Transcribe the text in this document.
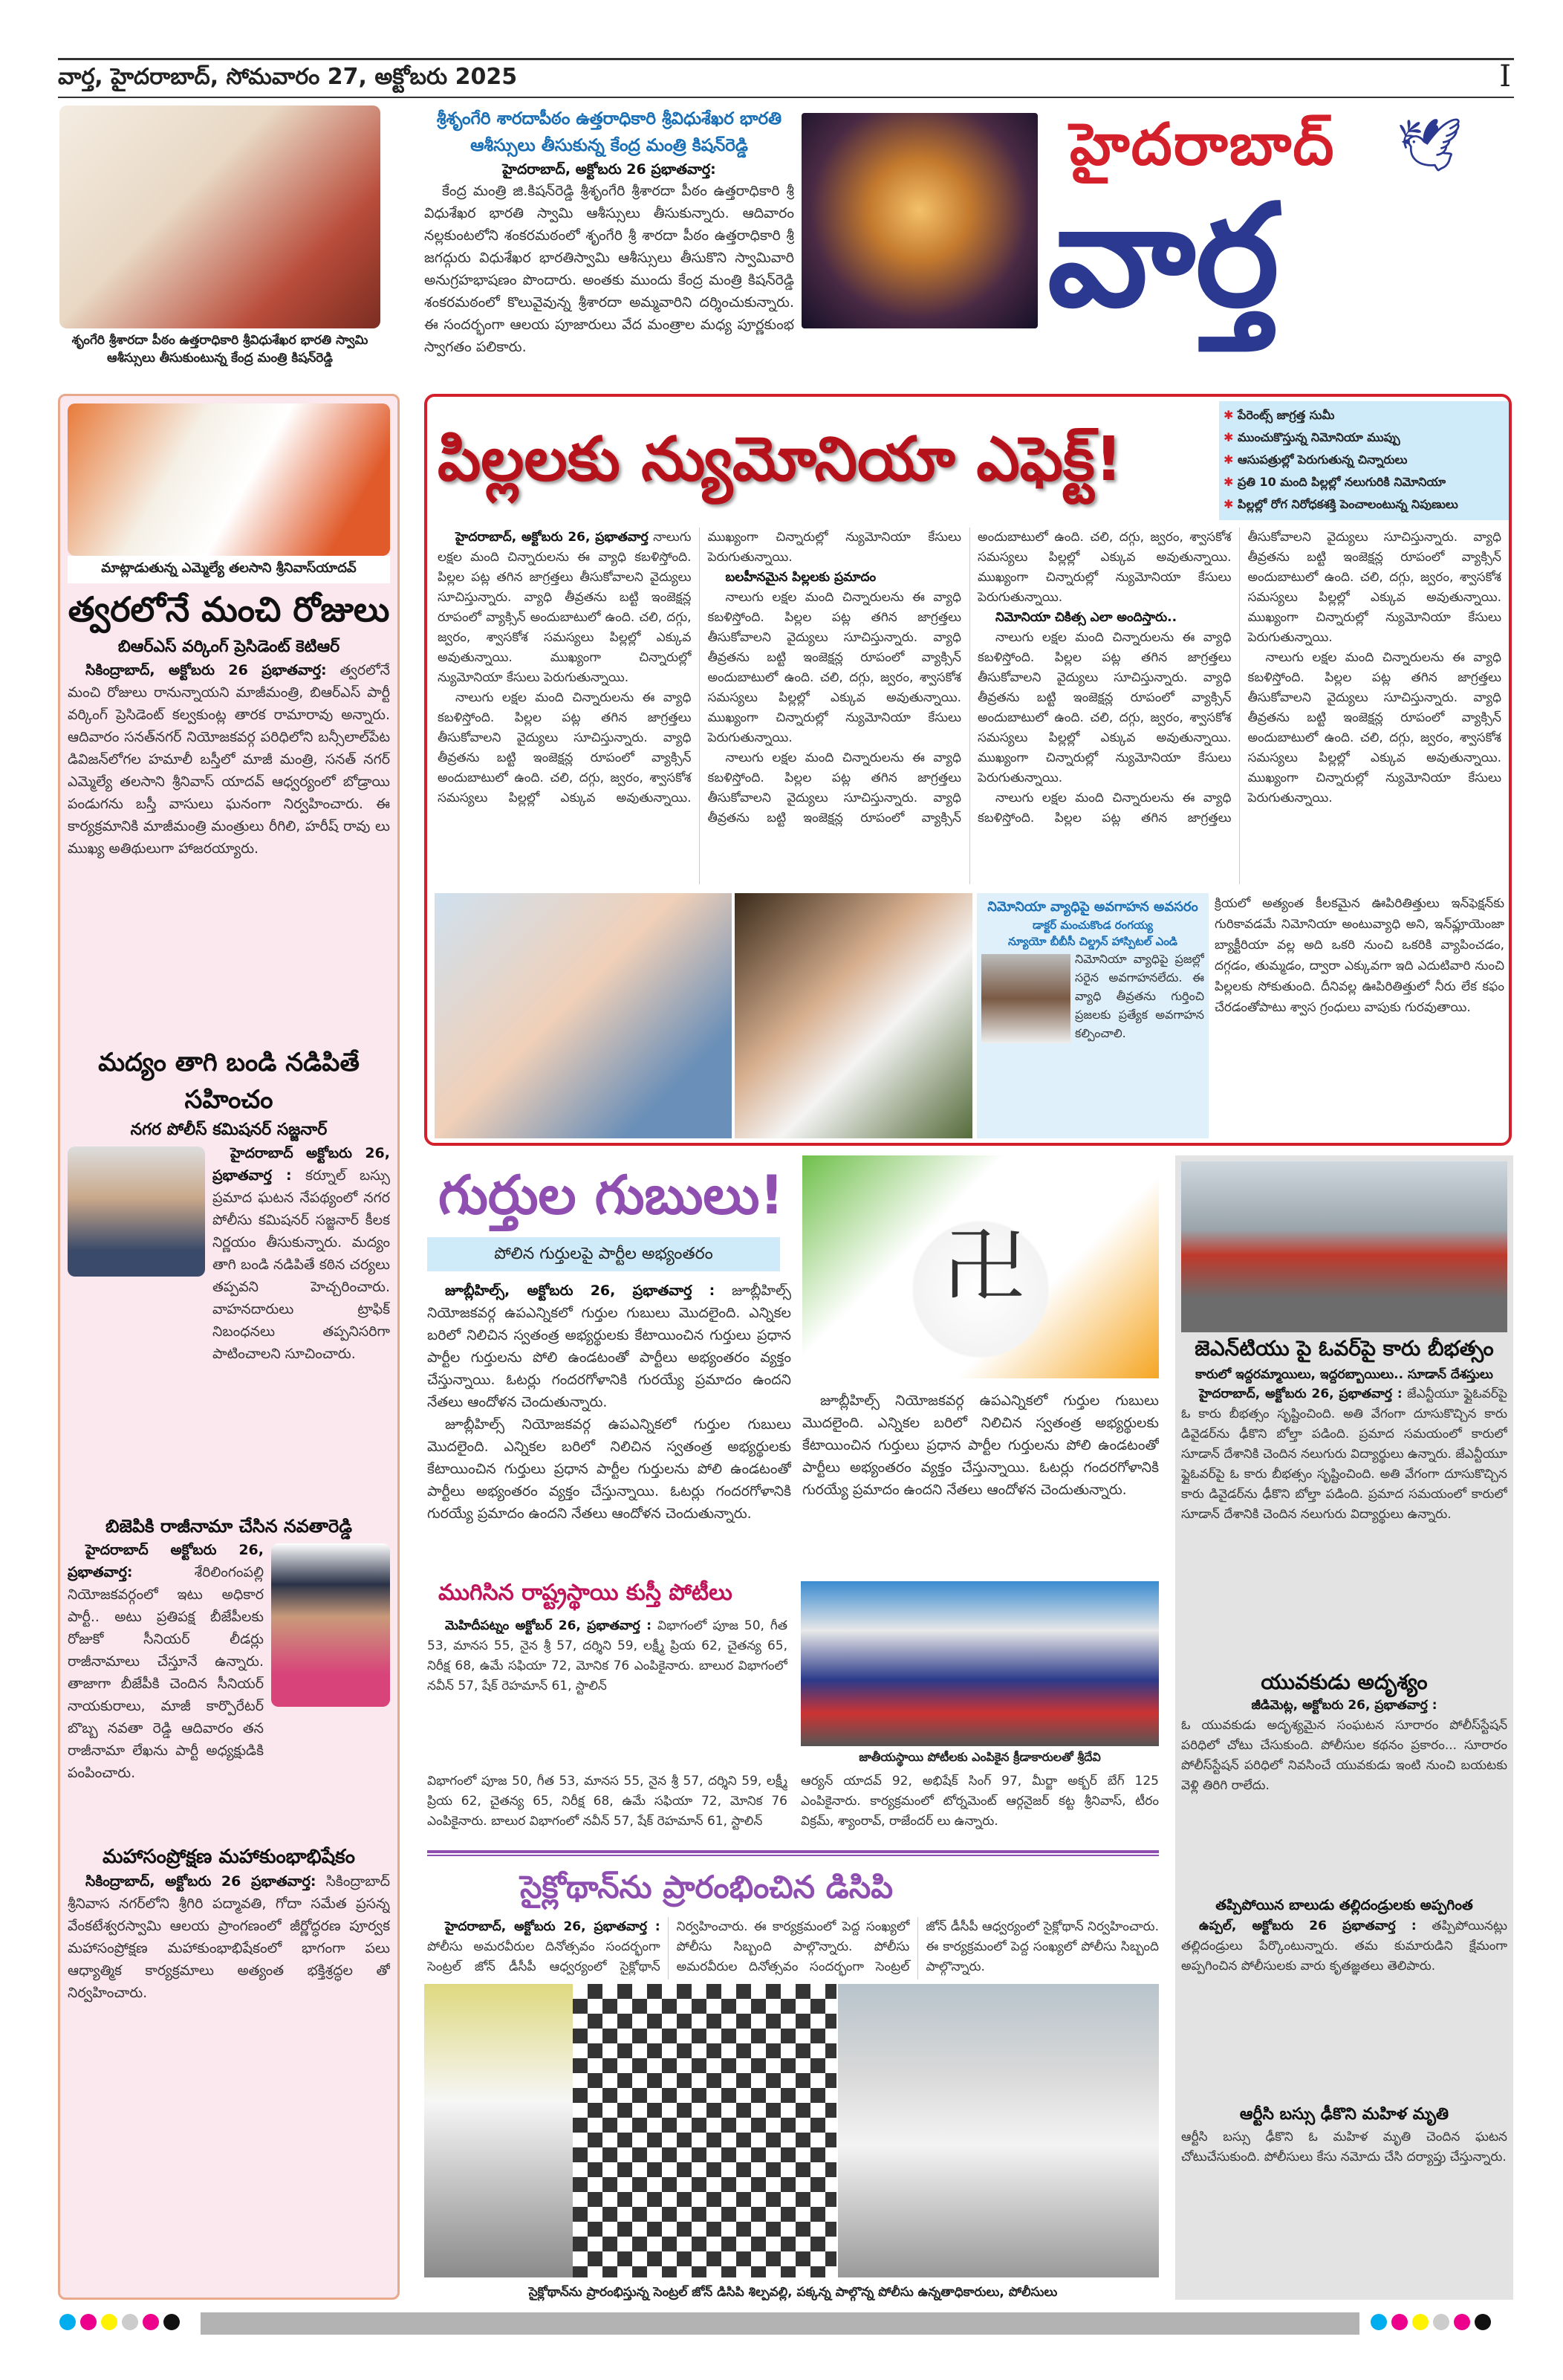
వార్త, హైదరాబాద్, సోమవారం 27, అక్టోబరు 2025	I
శృంగేరి శ్రీశారదా పీఠం ఉత్తరాధికారి శ్రీవిధుశేఖర భారతి స్వామి ఆశీస్సులు తీసుకుంటున్న కేంద్ర మంత్రి కిషన్‌రెడ్డి
శ్రీశృంగేరి శారదాపీఠం ఉత్తరాధికారి శ్రీవిధుశేఖర భారతి
ఆశీస్సులు తీసుకున్న కేంద్ర మంత్రి కిషన్‌రెడ్డి
హైదరాబాద్, అక్టోబరు 26 ప్రభాతవార్త:

కేంద్ర మంత్రి జి.కిషన్‌రెడ్డి శ్రీశృంగేరి శ్రీశారదా పీఠం ఉత్తరాధికారి శ్రీ విధుశేఖర భారతి స్వామి ఆశీస్సులు తీసుకున్నారు. ఆదివారం నల్లకుంటలోని శంకరమఠంలో శృంగేరి శ్రీ శారదా పీఠం ఉత్తరాధికారి శ్రీ జగద్గురు విధుశేఖర భారతిస్వామి ఆశీస్సులు తీసుకొని స్వామివారి అనుగ్రహభాషణం పొందారు. అంతకు ముందు కేంద్ర మంత్రి కిషన్‌రెడ్డి శంకరమఠంలో కొలువైవున్న శ్రీశారదా అమ్మవారిని దర్శించుకున్నారు. ఈ సందర్భంగా ఆలయ పూజారులు వేద మంత్రాల మధ్య పూర్ణకుంభ స్వాగతం పలికారు.

హైదరాబాద్	🕊
వార్త
మాట్లాడుతున్న ఎమ్మెల్యే తలసాని శ్రీనివాస్‌యాదవ్
త్వరలోనే మంచి రోజులు
బిఆర్ఎస్ వర్కింగ్ ప్రెసిడెంట్ కెటిఆర్

సికింద్రాబాద్, అక్టోబరు 26 ప్రభాతవార్త: త్వరలోనే మంచి రోజులు రానున్నాయని మాజీమంత్రి, బిఆర్ఎస్ పార్టీ వర్కింగ్ ప్రెసిడెంట్ కల్వకుంట్ల తారక రామారావు అన్నారు. ఆదివారం సనత్‌నగర్ నియోజకవర్గ పరిధిలోని బన్సీలాల్‌పేట డివిజన్‌లోగల హమాలీ బస్తీలో మాజీ మంత్రి, సనత్ నగర్ ఎమ్మెల్యే తలసాని శ్రీనివాస్ యాదవ్ ఆధ్వర్యంలో బోడ్రాయి పండుగను బస్తీ వాసులు ఘనంగా నిర్వహించారు. ఈ కార్యక్రమానికి మాజీమంత్రి మంత్రులు రీగిలి, హరీష్ రావు లు ముఖ్య అతిథులుగా హాజరయ్యారు.

మద్యం తాగి బండి నడిపితే సహించం
నగర పోలీస్ కమిషనర్ సజ్జనార్

హైదరాబాద్ అక్టోబరు 26, ప్రభాతవార్త : కర్నూల్ బస్సు ప్రమాద ఘటన నేపథ్యంలో నగర పోలీసు కమిషనర్ సజ్జనార్ కీలక నిర్ణయం తీసుకున్నారు. మద్యం తాగి బండి నడిపితే కఠిన చర్యలు తప్పవని హెచ్చరించారు. వాహనదారులు ట్రాఫిక్ నిబంధనలు తప్పనిసరిగా పాటించాలని సూచించారు.

బిజెపికి రాజీనామా చేసిన నవతారెడ్డి

హైదరాబాద్ అక్టోబరు 26, ప్రభాతవార్త:	శేరిలింగంపల్లి నియోజకవర్గంలో ఇటు అధికార పార్టీ.. అటు ప్రతిపక్ష బీజేపీలకు రోజుకో సీనియర్ లీడర్లు రాజీనామాలు చేస్తూనే ఉన్నారు. తాజాగా బీజేపీకి చెందిన సీనియర్ నాయకురాలు, మాజీ కార్పొరేటర్ బొబ్బ నవతా రెడ్డి ఆదివారం తన రాజీనామా లేఖను పార్టీ అధ్యక్షుడికి పంపించారు.

మహాసంప్రోక్షణ మహాకుంభాభిషేకం

సికింద్రాబాద్, అక్టోబరు 26 ప్రభాతవార్త: సికింద్రాబాద్ శ్రీనివాస నగర్‌లోని శ్రీగిరి పద్మావతి, గోదా సమేత ప్రసన్న వేంకటేశ్వరస్వామి ఆలయ ప్రాంగణంలో జీర్ణోద్ధరణ పూర్వక మహాసంప్రోక్షణ మహాకుంభాభిషేకంలో భాగంగా పలు ఆధ్యాత్మిక కార్యక్రమాలు అత్యంత భక్తిశ్రద్ధల తో నిర్వహించారు.

పిల్లలకు న్యుమోనియా ఎఫెక్ట్!
✱ పేరెంట్స్ జాగ్రత్త సుమీ
✱ ముంచుకొస్తున్న నిమోనియా ముప్పు
✱ ఆసుపత్రుల్లో పెరుగుతున్న చిన్నారులు
✱ ప్రతి 10 మంది పిల్లల్లో నలుగురికి నిమోనియా
✱ పిల్లల్లో రోగ నిరోధకశక్తి పెంచాలంటున్న నిపుణులు

హైదరాబాద్, అక్టోబరు 26, ప్రభాతవార్త నాలుగు లక్షల మంది చిన్నారులను ఈ వ్యాధి కబళిస్తోంది. పిల్లల పట్ల తగిన జాగ్రత్తలు తీసుకోవాలని వైద్యులు సూచిస్తున్నారు. వ్యాధి తీవ్రతను బట్టి ఇంజెక్షన్ల రూపంలో వ్యాక్సిన్ అందుబాటులో ఉంది. చలి, దగ్గు, జ్వరం, శ్వాసకోశ సమస్యలు పిల్లల్లో ఎక్కువ అవుతున్నాయి. ముఖ్యంగా చిన్నారుల్లో న్యుమోనియా కేసులు పెరుగుతున్నాయి.

నాలుగు లక్షల మంది చిన్నారులను ఈ వ్యాధి కబళిస్తోంది. పిల్లల పట్ల తగిన జాగ్రత్తలు తీసుకోవాలని వైద్యులు సూచిస్తున్నారు. వ్యాధి తీవ్రతను బట్టి ఇంజెక్షన్ల రూపంలో వ్యాక్సిన్ అందుబాటులో ఉంది. చలి, దగ్గు, జ్వరం, శ్వాసకోశ సమస్యలు పిల్లల్లో ఎక్కువ అవుతున్నాయి. ముఖ్యంగా చిన్నారుల్లో న్యుమోనియా కేసులు పెరుగుతున్నాయి.

బలహీనమైన పిల్లలకు ప్రమాదం

నాలుగు లక్షల మంది చిన్నారులను ఈ వ్యాధి కబళిస్తోంది. పిల్లల పట్ల తగిన జాగ్రత్తలు తీసుకోవాలని వైద్యులు సూచిస్తున్నారు. వ్యాధి తీవ్రతను బట్టి ఇంజెక్షన్ల రూపంలో వ్యాక్సిన్ అందుబాటులో ఉంది. చలి, దగ్గు, జ్వరం, శ్వాసకోశ సమస్యలు పిల్లల్లో ఎక్కువ అవుతున్నాయి. ముఖ్యంగా చిన్నారుల్లో న్యుమోనియా కేసులు పెరుగుతున్నాయి.

నాలుగు లక్షల మంది చిన్నారులను ఈ వ్యాధి కబళిస్తోంది. పిల్లల పట్ల తగిన జాగ్రత్తలు తీసుకోవాలని వైద్యులు సూచిస్తున్నారు. వ్యాధి తీవ్రతను బట్టి ఇంజెక్షన్ల రూపంలో వ్యాక్సిన్ అందుబాటులో ఉంది. చలి, దగ్గు, జ్వరం, శ్వాసకోశ సమస్యలు పిల్లల్లో ఎక్కువ అవుతున్నాయి. ముఖ్యంగా చిన్నారుల్లో న్యుమోనియా కేసులు పెరుగుతున్నాయి.

నిమోనియా చికిత్స ఎలా అందిస్తారు..

నాలుగు లక్షల మంది చిన్నారులను ఈ వ్యాధి కబళిస్తోంది. పిల్లల పట్ల తగిన జాగ్రత్తలు తీసుకోవాలని వైద్యులు సూచిస్తున్నారు. వ్యాధి తీవ్రతను బట్టి ఇంజెక్షన్ల రూపంలో వ్యాక్సిన్ అందుబాటులో ఉంది. చలి, దగ్గు, జ్వరం, శ్వాసకోశ సమస్యలు పిల్లల్లో ఎక్కువ అవుతున్నాయి. ముఖ్యంగా చిన్నారుల్లో న్యుమోనియా కేసులు పెరుగుతున్నాయి.

నాలుగు లక్షల మంది చిన్నారులను ఈ వ్యాధి కబళిస్తోంది. పిల్లల పట్ల తగిన జాగ్రత్తలు తీసుకోవాలని వైద్యులు సూచిస్తున్నారు. వ్యాధి తీవ్రతను బట్టి ఇంజెక్షన్ల రూపంలో వ్యాక్సిన్ అందుబాటులో ఉంది. చలి, దగ్గు, జ్వరం, శ్వాసకోశ సమస్యలు పిల్లల్లో ఎక్కువ అవుతున్నాయి. ముఖ్యంగా చిన్నారుల్లో న్యుమోనియా కేసులు పెరుగుతున్నాయి.

నాలుగు లక్షల మంది చిన్నారులను ఈ వ్యాధి కబళిస్తోంది. పిల్లల పట్ల తగిన జాగ్రత్తలు తీసుకోవాలని వైద్యులు సూచిస్తున్నారు. వ్యాధి తీవ్రతను బట్టి ఇంజెక్షన్ల రూపంలో వ్యాక్సిన్ అందుబాటులో ఉంది. చలి, దగ్గు, జ్వరం, శ్వాసకోశ సమస్యలు పిల్లల్లో ఎక్కువ అవుతున్నాయి. ముఖ్యంగా చిన్నారుల్లో న్యుమోనియా కేసులు పెరుగుతున్నాయి.

నిమోనియా వ్యాధిపై అవగాహన అవసరం
డాక్టర్ మంచుకొండ రంగయ్య
న్యూయో బీబీసీ చిల్డ్రన్ హాస్పిటల్ ఎండి
నిమోనియా వ్యాధిపై ప్రజల్లో సరైన అవగాహనలేదు. ఈ వ్యాధి తీవ్రతను గుర్తించి ప్రజలకు ప్రత్యేక అవగాహన కల్పించాలి.
క్రియలో అత్యంత కీలకమైన ఊపిరితిత్తులు ఇన్‌ఫెక్షన్‌కు గురికావడమే నిమోనియా అంటువ్యాధి అని, ఇన్‌ఫ్లూయెంజా బ్యాక్టీరియా వల్ల అది ఒకరి నుంచి ఒకరికి వ్యాపించడం, దగ్గడం, తుమ్మడం, ద్వారా ఎక్కువగా ఇది ఎదుటివారి నుంచి పిల్లలకు సోకుతుంది. దీనివల్ల ఊపిరితిత్తులో నీరు లేక కఫం చేరడంతోపాటు శ్వాస గ్రంధులు వాపుకు గురవుతాయి.
గుర్తుల గుబులు!
పోలిన గుర్తులపై పార్టీల అభ్యంతరం	卍

జూబ్లీహిల్స్, అక్టోబరు 26, ప్రభాతవార్త : జూబ్లీహిల్స్ నియోజకవర్గ ఉపఎన్నికలో గుర్తుల గుబులు మొదలైంది. ఎన్నికల బరిలో నిలిచిన స్వతంత్ర అభ్యర్థులకు కేటాయించిన గుర్తులు ప్రధాన పార్టీల గుర్తులను పోలి ఉండటంతో పార్టీలు అభ్యంతరం వ్యక్తం చేస్తున్నాయి. ఓటర్లు గందరగోళానికి గురయ్యే ప్రమాదం ఉందని నేతలు ఆందోళన చెందుతున్నారు.

జూబ్లీహిల్స్ నియోజకవర్గ ఉపఎన్నికలో గుర్తుల గుబులు మొదలైంది. ఎన్నికల బరిలో నిలిచిన స్వతంత్ర అభ్యర్థులకు కేటాయించిన గుర్తులు ప్రధాన పార్టీల గుర్తులను పోలి ఉండటంతో పార్టీలు అభ్యంతరం వ్యక్తం చేస్తున్నాయి. ఓటర్లు గందరగోళానికి గురయ్యే ప్రమాదం ఉందని నేతలు ఆందోళన చెందుతున్నారు.

జూబ్లీహిల్స్ నియోజకవర్గ ఉపఎన్నికలో గుర్తుల గుబులు మొదలైంది. ఎన్నికల బరిలో నిలిచిన స్వతంత్ర అభ్యర్థులకు కేటాయించిన గుర్తులు ప్రధాన పార్టీల గుర్తులను పోలి ఉండటంతో పార్టీలు అభ్యంతరం వ్యక్తం చేస్తున్నాయి. ఓటర్లు గందరగోళానికి గురయ్యే ప్రమాదం ఉందని నేతలు ఆందోళన చెందుతున్నారు.

జెఎన్‌టియు పై ఓవర్‌పై కారు బీభత్సం
కారులో ఇద్దరమ్మాయిలు, ఇద్దరబ్బాయిలు.. సూడాన్ దేశస్తులు

హైదరాబాద్, అక్టోబరు 26, ప్రభాతవార్త : జేఎన్టీయూ ఫ్లైఓవర్‌పై ఓ కారు బీభత్సం సృష్టించింది. అతి వేగంగా దూసుకొచ్చిన కారు డివైడర్‌ను ఢీకొని బోల్తా పడింది. ప్రమాద సమయంలో కారులో సూడాన్ దేశానికి చెందిన నలుగురు విద్యార్థులు ఉన్నారు. జేఎన్టీయూ ఫ్లైఓవర్‌పై ఓ కారు బీభత్సం సృష్టించింది. అతి వేగంగా దూసుకొచ్చిన కారు డివైడర్‌ను ఢీకొని బోల్తా పడింది. ప్రమాద సమయంలో కారులో సూడాన్ దేశానికి చెందిన నలుగురు విద్యార్థులు ఉన్నారు.

యువకుడు అదృశ్యం
జీడిమెట్ల, అక్టోబరు 26, ప్రభాతవార్త :
ఓ యువకుడు అదృశ్యమైన సంఘటన సూరారం పోలీస్‌స్టేషన్ పరిధిలో చోటు చేసుకుంది. పోలీసుల కథనం ప్రకారం... సూరారం పోలీస్‌స్టేషన్ పరిధిలో నివసించే యువకుడు ఇంటి నుంచి బయటకు వెళ్లి తిరిగి రాలేదు.
తప్పిపోయిన బాలుడు తల్లిదండ్రులకు అప్పగింత

ఉప్పల్, అక్టోబరు 26 ప్రభాతవార్త : తప్పిపోయినట్లు తల్లిదండ్రులు పేర్కొంటున్నారు. తమ కుమారుడిని క్షేమంగా అప్పగించిన పోలీసులకు వారు కృతజ్ఞతలు తెలిపారు.

ఆర్టీసి బస్సు ఢీకొని మహిళ మృతి
ఆర్టీసి బస్సు ఢీకొని ఓ మహిళ మృతి చెందిన ఘటన చోటుచేసుకుంది. పోలీసులు కేసు నమోదు చేసి దర్యాప్తు చేస్తున్నారు.
ముగిసిన రాష్ట్రస్థాయి కుస్తీ పోటీలు

మెహిదీపట్నం అక్టోబర్ 26, ప్రభాతవార్త : విభాగంలో పూజ 50, గీత 53, మానస 55, నైన శ్రీ 57, దర్శిని 59, లక్ష్మీ ప్రియ 62, చైతన్య 65, నిరీక్ష 68, ఉమే సఫియా 72, మోనిక 76 ఎంపికైనారు. బాలుర విభాగంలో నవీన్ 57, షేక్ రెహమాన్ 61, స్టాలిన్

జాతీయస్థాయి పోటీలకు ఎంపికైన క్రీడాకారులతో శ్రీదేవి
విభాగంలో పూజ 50, గీత 53, మానస 55, నైన శ్రీ 57, దర్శిని 59, లక్ష్మీ ప్రియ 62, చైతన్య 65, నిరీక్ష 68, ఉమే సఫియా 72, మోనిక 76 ఎంపికైనారు. బాలుర విభాగంలో నవీన్ 57, షేక్ రెహమాన్ 61, స్టాలిన్
ఆర్యన్ యాదవ్ 92, అభిషేక్ సింగ్ 97, మీర్జా అక్బర్ బేగ్ 125 ఎంపికైనారు. కార్యక్రమంలో టోర్నమెంట్ ఆర్గనైజర్ కట్ట శ్రీనివాస్, టీరం విక్రమ్, శ్యాంరావ్, రాజేందర్ లు ఉన్నారు.
సైక్లోథాన్‌ను ప్రారంభించిన డిసిపి

హైదరాబాద్, అక్టోబరు 26, ప్రభాతవార్త : పోలీసు అమరవీరుల దినోత్సవం సందర్భంగా సెంట్రల్ జోన్ డీసీపీ ఆధ్వర్యంలో సైక్లోథాన్ నిర్వహించారు. ఈ కార్యక్రమంలో పెద్ద సంఖ్యలో పోలీసు సిబ్బంది పాల్గొన్నారు. పోలీసు అమరవీరుల దినోత్సవం సందర్భంగా సెంట్రల్ జోన్ డీసీపీ ఆధ్వర్యంలో సైక్లోథాన్ నిర్వహించారు. ఈ కార్యక్రమంలో పెద్ద సంఖ్యలో పోలీసు సిబ్బంది పాల్గొన్నారు.

సైక్లోథాన్‌ను ప్రారంభిస్తున్న సెంట్రల్ జోన్ డిసిపి శిల్పవల్లి, పక్కన్న పాల్గొన్న పోలీసు ఉన్నతాధికారులు, పోలీసులు
